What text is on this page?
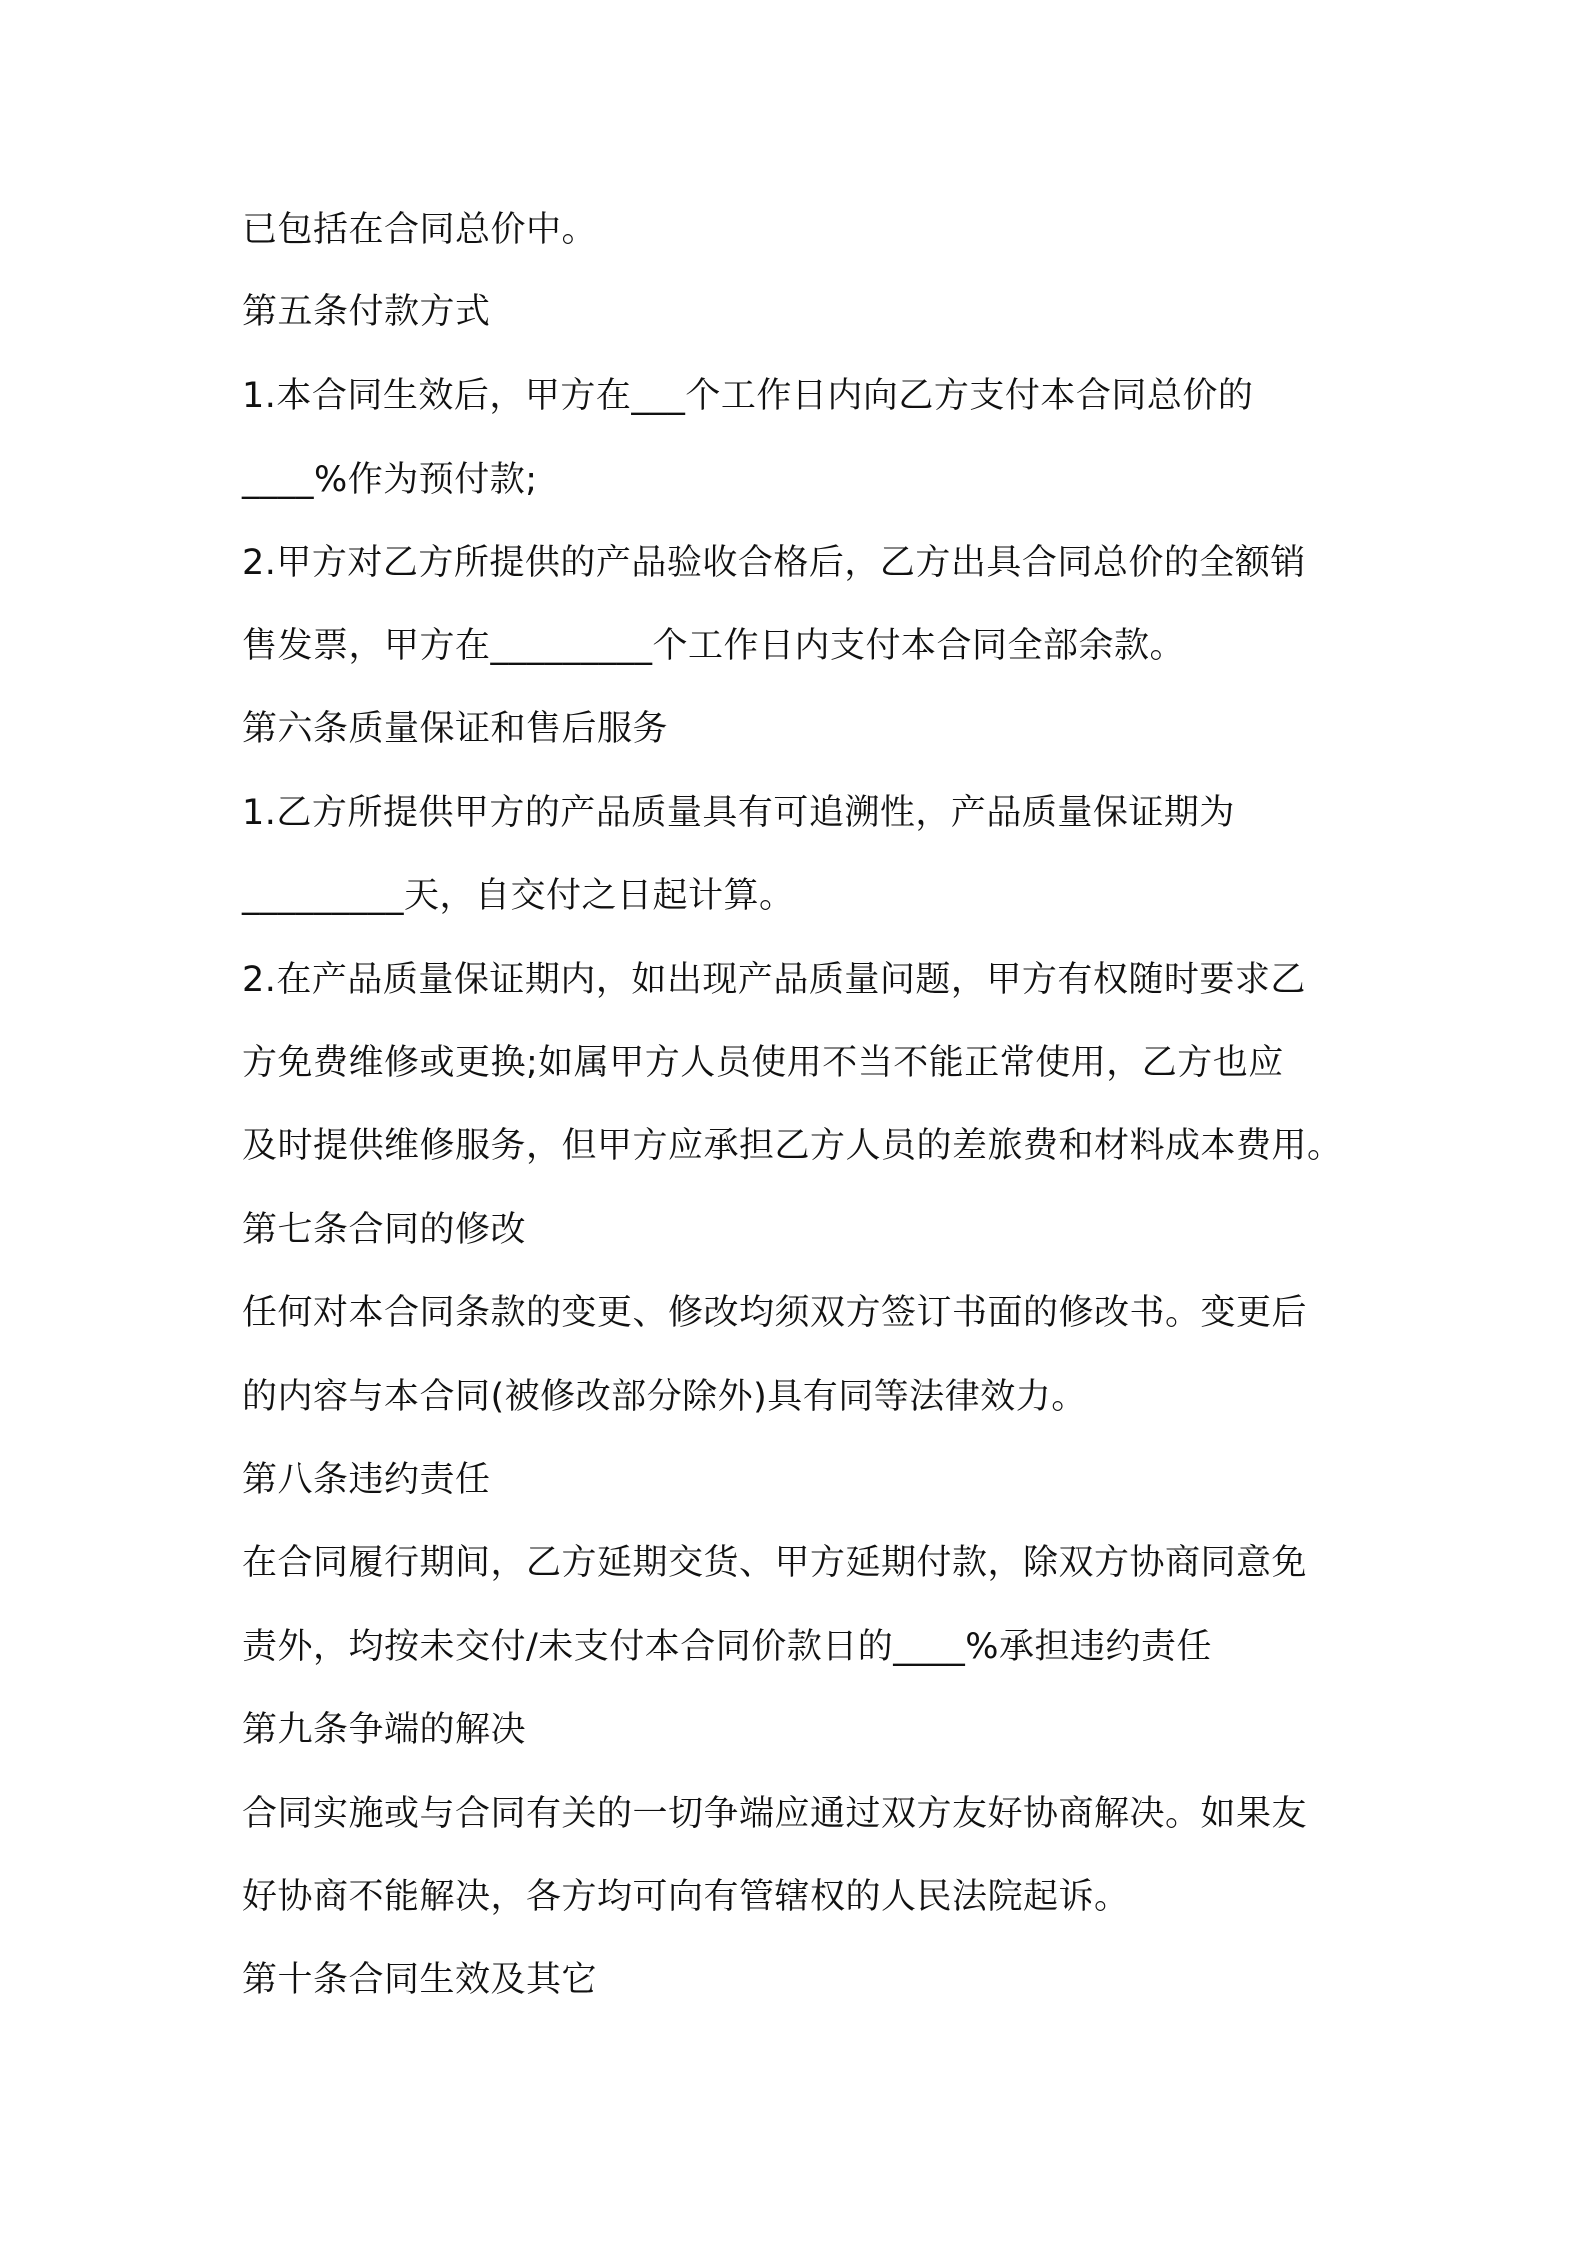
已包括在合同总价中。
第五条付款方式
1.本合同生效后，甲方在___个工作日内向乙方支付本合同总价的
____%作为预付款;
2.甲方对乙方所提供的产品验收合格后，乙方出具合同总价的全额销
售发票，甲方在_________个工作日内支付本合同全部余款。
第六条质量保证和售后服务
1.乙方所提供甲方的产品质量具有可追溯性，产品质量保证期为
_________天，自交付之日起计算。
2.在产品质量保证期内，如出现产品质量问题，甲方有权随时要求乙
方免费维修或更换;如属甲方人员使用不当不能正常使用，乙方也应
及时提供维修服务，但甲方应承担乙方人员的差旅费和材料成本费用。
第七条合同的修改
任何对本合同条款的变更、修改均须双方签订书面的修改书。变更后
的内容与本合同(被修改部分除外)具有同等法律效力。
第八条违约责任
在合同履行期间，乙方延期交货、甲方延期付款，除双方协商同意免
责外，均按未交付/未支付本合同价款日的____%承担违约责任
第九条争端的解决
合同实施或与合同有关的一切争端应通过双方友好协商解决。如果友
好协商不能解决，各方均可向有管辖权的人民法院起诉。
第十条合同生效及其它
